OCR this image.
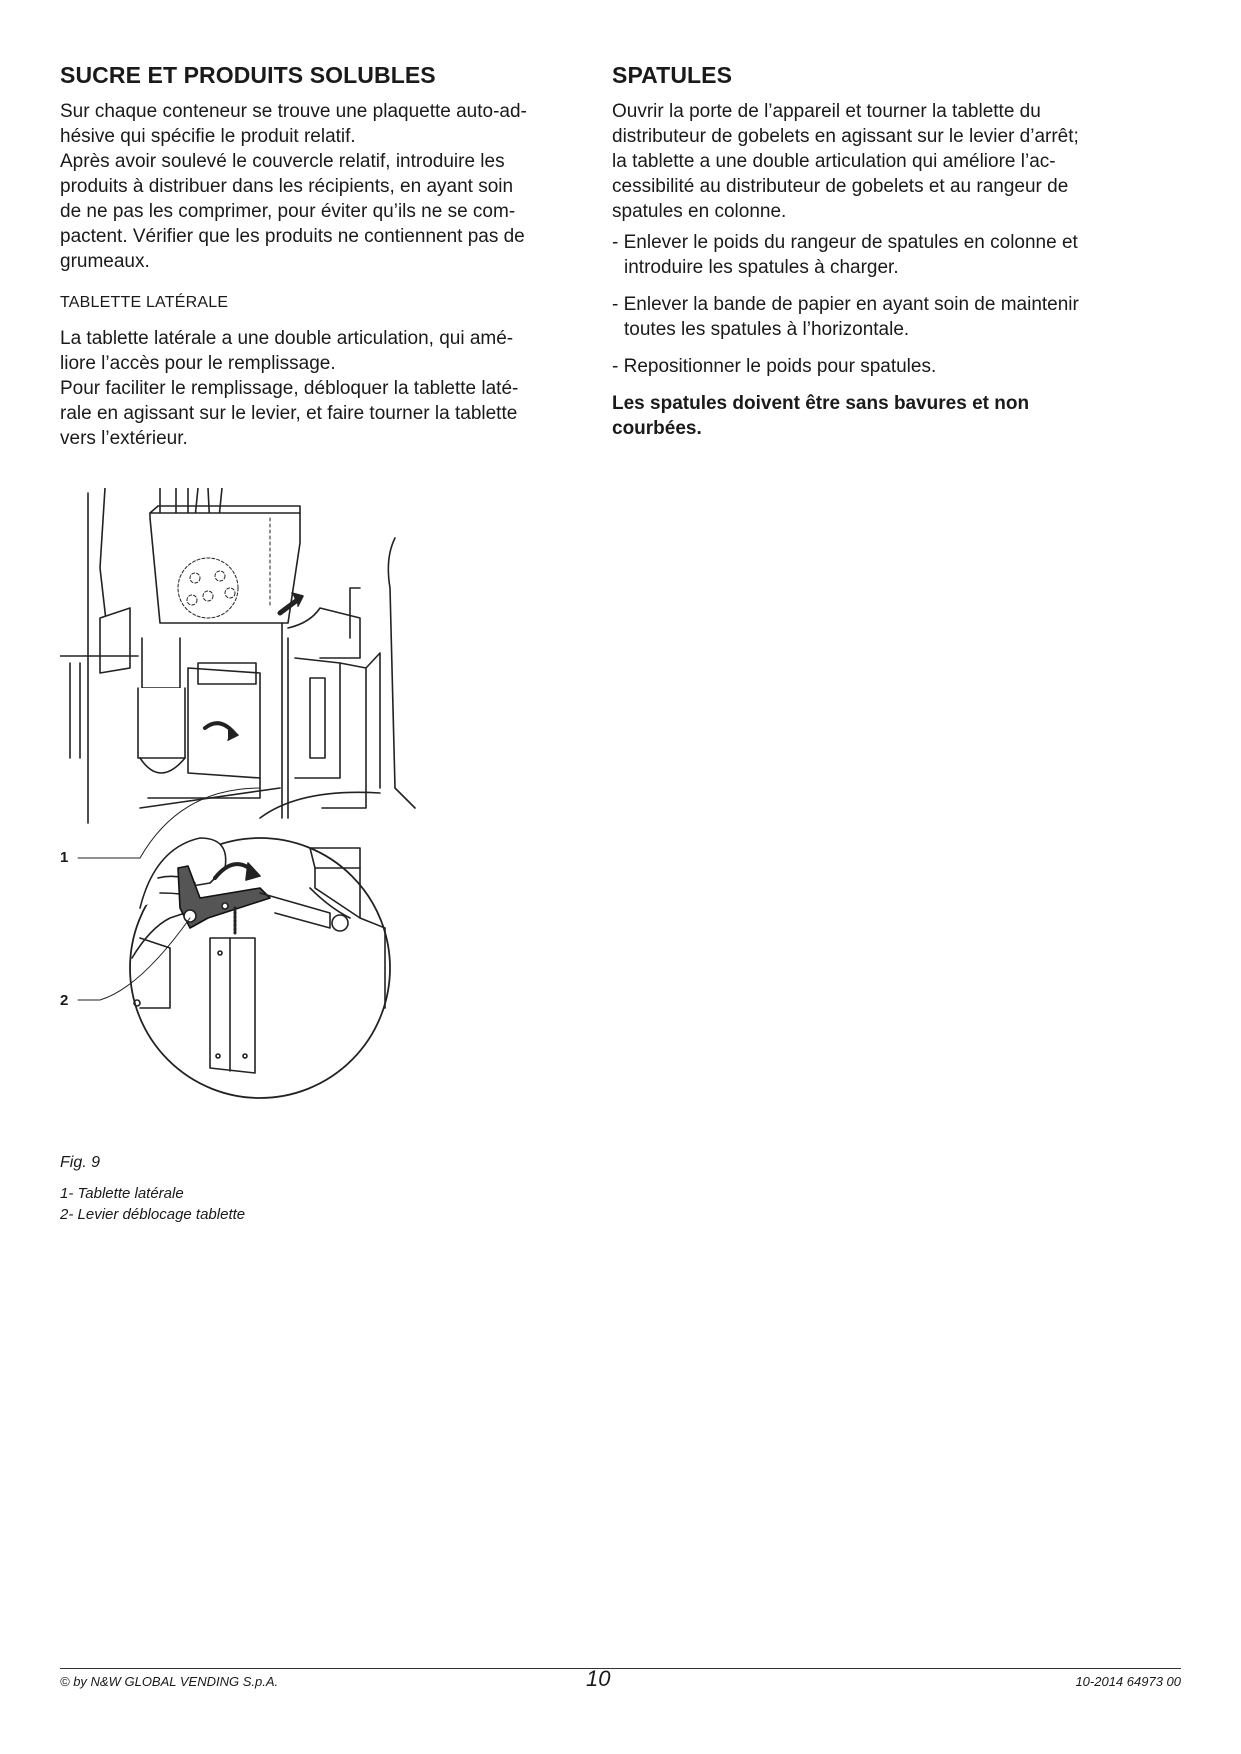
SUCRE ET PRODUITS SOLUBLES

Sur chaque conteneur se trouve une plaquette auto-ad-
hésive qui spécifie le produit relatif.

Après avoir soulevé le couvercle relatif, introduire les
produits à distribuer dans les récipients, en ayant soin
de ne pas les comprimer, pour éviter qu’ils ne se com-
pactent. Vérifier que les produits ne contiennent pas de
grumeaux.

TABLETTE LATÉRALE

La tablette latérale a une double articulation, qui amé-
liore l’accès pour le remplissage.

Pour faciliter le remplissage, débloquer la tablette laté-
rale en agissant sur le levier, et faire tourner la tablette
vers l’extérieur.

SPATULES

Ouvrir la porte de l’appareil et tourner la tablette du
distributeur de gobelets en agissant sur le levier d’arrêt;
la tablette a une double articulation qui améliore l’ac-
cessibilité au distributeur de gobelets et au rangeur de
spatules en colonne.

- Enlever le poids du rangeur de spatules en colonne et
introduire les spatules à charger.

- Enlever la bande de papier en ayant soin de maintenir
toutes les spatules à l’horizontale.

- Repositionner le poids pour spatules.

Les spatules doivent être sans bavures et non
courbées.

1
2
Fig. 9
1- Tablette latérale
2- Levier déblocage tablette
© by N&W GLOBAL VENDING S.p.A.	10	10-2014 64973 00
